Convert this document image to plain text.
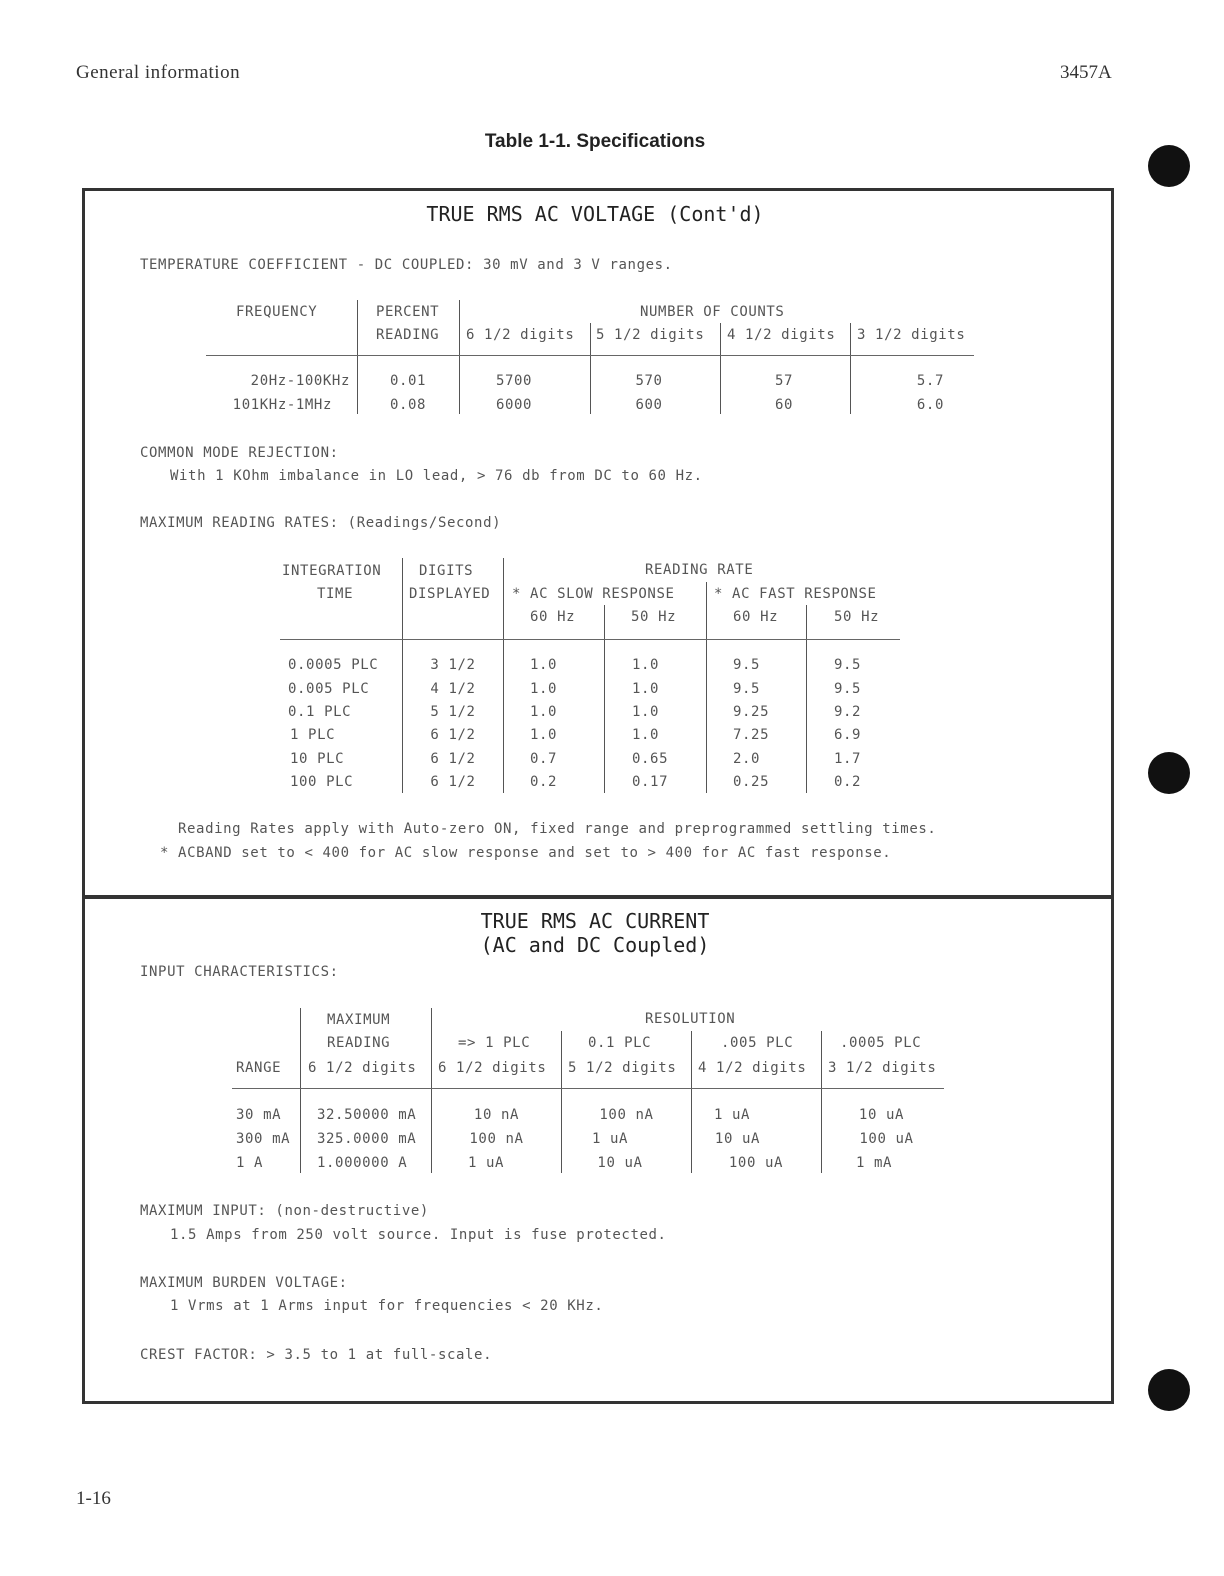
General information	3457A
Table 1-1. Specifications
1-16
TRUE RMS AC VOLTAGE (Cont'd)
TEMPERATURE COEFFICIENT - DC COUPLED: 30 mV and 3 V ranges.
FREQUENCY	PERCENT
READING
NUMBER OF COUNTS
6 1/2 digits 5 1/2 digits 4 1/2 digits 3 1/2 digits
20Hz-100KHz	0.01	5700	570	57	5.7
101KHz-1MHz	0.08	6000	600	60	6.0
COMMON MODE REJECTION:
With 1 KOhm imbalance in LO lead, > 76 db from DC to 60 Hz.
MAXIMUM READING RATES: (Readings/Second)
INTEGRATION
TIME
DIGITS
DISPLAYED
READING RATE
* AC SLOW RESPONSE	* AC FAST RESPONSE
60 Hz	50 Hz	60 Hz	50 Hz
0.0005 PLC	3 1/2	1.0	1.0	9.5	9.5
0.005 PLC	4 1/2	1.0	1.0	9.5	9.5
0.1 PLC	5 1/2	1.0	1.0	9.25	9.2
1 PLC	6 1/2	1.0	1.0	7.25	6.9
10 PLC	6 1/2	0.7	0.65	2.0	1.7
100 PLC	6 1/2	0.2	0.17	0.25	0.2
Reading Rates apply with Auto-zero ON, fixed range and preprogrammed settling times.
* ACBAND set to < 400 for AC slow response and set to > 400 for AC fast response.
TRUE RMS AC CURRENT
(AC and DC Coupled)
INPUT CHARACTERISTICS:
MAXIMUM
READING
RANGE 6 1/2 digits
RESOLUTION
=> 1 PLC	0.1 PLC	.005 PLC	.0005 PLC
6 1/2 digits 5 1/2 digits 4 1/2 digits 3 1/2 digits
30 mA	32.50000 mA	10 nA	100 nA	1 uA	10 uA
300 mA 325.0000 mA	100 nA	1 uA	10 uA	100 uA
1 A	1.000000 A	1 uA	10 uA	100 uA	1 mA
MAXIMUM INPUT: (non-destructive)
1.5 Amps from 250 volt source. Input is fuse protected.
MAXIMUM BURDEN VOLTAGE:
1 Vrms at 1 Arms input for frequencies < 20 KHz.
CREST FACTOR: > 3.5 to 1 at full-scale.
